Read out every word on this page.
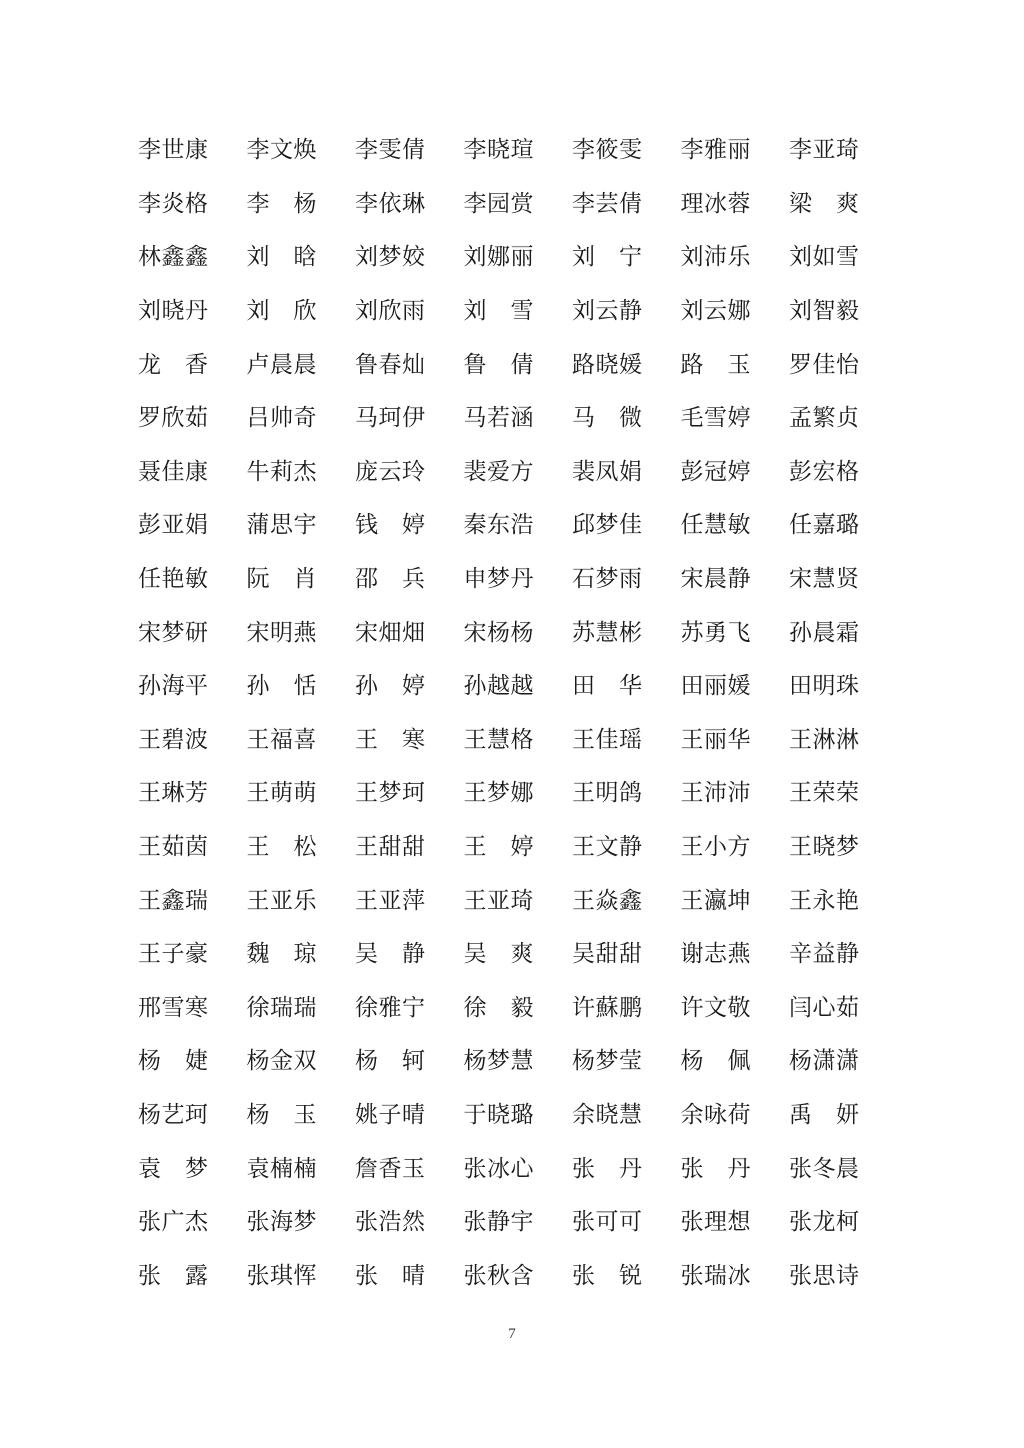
李 世 康 李 文 焕 李 雯 倩 李 晓 瑄 李 筱 雯 李 雅 丽 李 亚 琦
李 炎 格 李 杨 李 依 琳 李 园 赏 李 芸 倩 理 冰 蓉 梁 爽
林 鑫 鑫 刘 晗 刘 梦 姣 刘 娜 丽 刘 宁 刘 沛 乐 刘 如 雪
刘 晓 丹 刘 欣 刘 欣 雨 刘 雪 刘 云 静 刘 云 娜 刘 智 毅
龙 香 卢 晨 晨 鲁 春 灿 鲁 倩 路 晓 媛 路 玉 罗 佳 怡
罗 欣 茹 吕 帅 奇 马 珂 伊 马 若 涵 马 微 毛 雪 婷 孟 繁 贞
聂 佳 康 牛 莉 杰 庞 云 玲 裴 爱 方 裴 凤 娟 彭 冠 婷 彭 宏 格
彭 亚 娟 蒲 思 宇 钱 婷 秦 东 浩 邱 梦 佳 任 慧 敏 任 嘉 璐
任 艳 敏 阮 肖 邵 兵 申 梦 丹 石 梦 雨 宋 晨 静 宋 慧 贤
宋 梦 研 宋 明 燕 宋 畑 畑 宋 杨 杨 苏 慧 彬 苏 勇 飞 孙 晨 霜
孙 海 平 孙 恬 孙 婷 孙 越 越 田 华 田 丽 媛 田 明 珠
王 碧 波 王 福 喜 王 寒 王 慧 格 王 佳 瑶 王 丽 华 王 淋 淋
王 琳 芳 王 萌 萌 王 梦 珂 王 梦 娜 王 明 鸽 王 沛 沛 王 荣 荣
王 茹 茵 王 松 王 甜 甜 王 婷 王 文 静 王 小 方 王 晓 梦
王 鑫 瑞 王 亚 乐 王 亚 萍 王 亚 琦 王 焱 鑫 王 瀛 坤 王 永 艳
王 子 豪 魏 琼 吴 静 吴 爽 吴 甜 甜 谢 志 燕 辛 益 静
邢 雪 寒 徐 瑞 瑞 徐 雅 宁 徐 毅 许 蘇 鹏 许 文 敬 闫 心 茹
杨 婕 杨 金 双 杨 轲 杨 梦 慧 杨 梦 莹 杨 佩 杨 潇 潇
杨 艺 珂 杨 玉 姚 子 晴 于 晓 璐 余 晓 慧 余 咏 荷 禹 妍
袁 梦 袁 楠 楠 詹 香 玉 张 冰 心 张 丹 张 丹 张 冬 晨
张 广 杰 张 海 梦 张 浩 然 张 静 宇 张 可 可 张 理 想 张 龙 柯
张 露 张 琪 恽 张 晴 张 秋 含 张 锐 张 瑞 冰 张 思 诗
7
